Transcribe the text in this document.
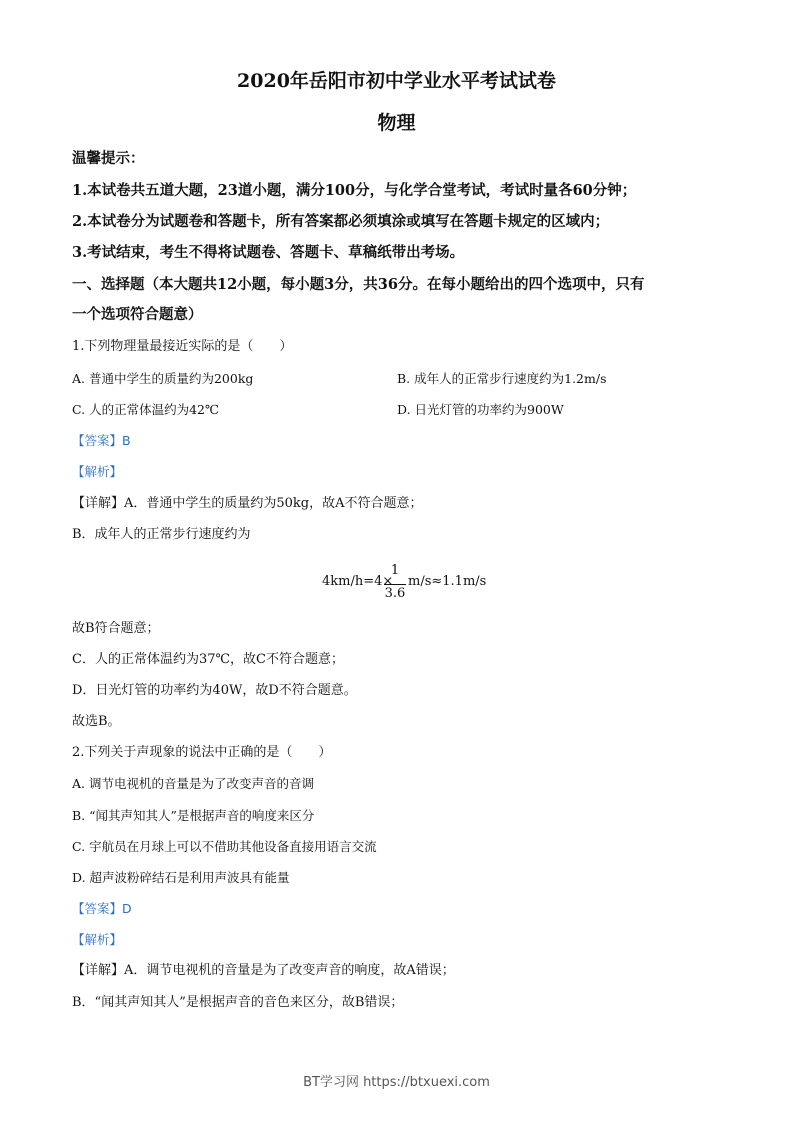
2020年岳阳市初中学业水平考试试卷
物理
温馨提示：
1.本试卷共五道大题，23道小题，满分100分，与化学合堂考试，考试时量各60分钟；
2.本试卷分为试题卷和答题卡，所有答案都必须填涂或填写在答题卡规定的区域内；
3.考试结束，考生不得将试题卷、答题卡、草稿纸带出考场。
一、选择题（本大题共12小题，每小题3分，共36分。在每小题给出的四个选项中，只有
一个选项符合题意）
1.下列物理量最接近实际的是（　　）
A. 普通中学生的质量约为200kg	B. 成年人的正常步行速度约为1.2m/s
C. 人的正常体温约为42℃	D. 日光灯管的功率约为900W
【答案】B
【解析】
【详解】A．普通中学生的质量约为50kg，故A不符合题意；
B．成年人的正常步行速度约为
4km/h=4×
1
3.6
m/s≈1.1m/s
故B符合题意；
C．人的正常体温约为37℃，故C不符合题意；
D．日光灯管的功率约为40W，故D不符合题意。
故选B。
2.下列关于声现象的说法中正确的是（　　）
A. 调节电视机的音量是为了改变声音的音调
B. “闻其声知其人”是根据声音的响度来区分
C. 宇航员在月球上可以不借助其他设备直接用语言交流
D. 超声波粉碎结石是利用声波具有能量
【答案】D
【解析】
【详解】A．调节电视机的音量是为了改变声音的响度，故A错误；
B．“闻其声知其人”是根据声音的音色来区分，故B错误；
BT学习网 https://btxuexi.com
